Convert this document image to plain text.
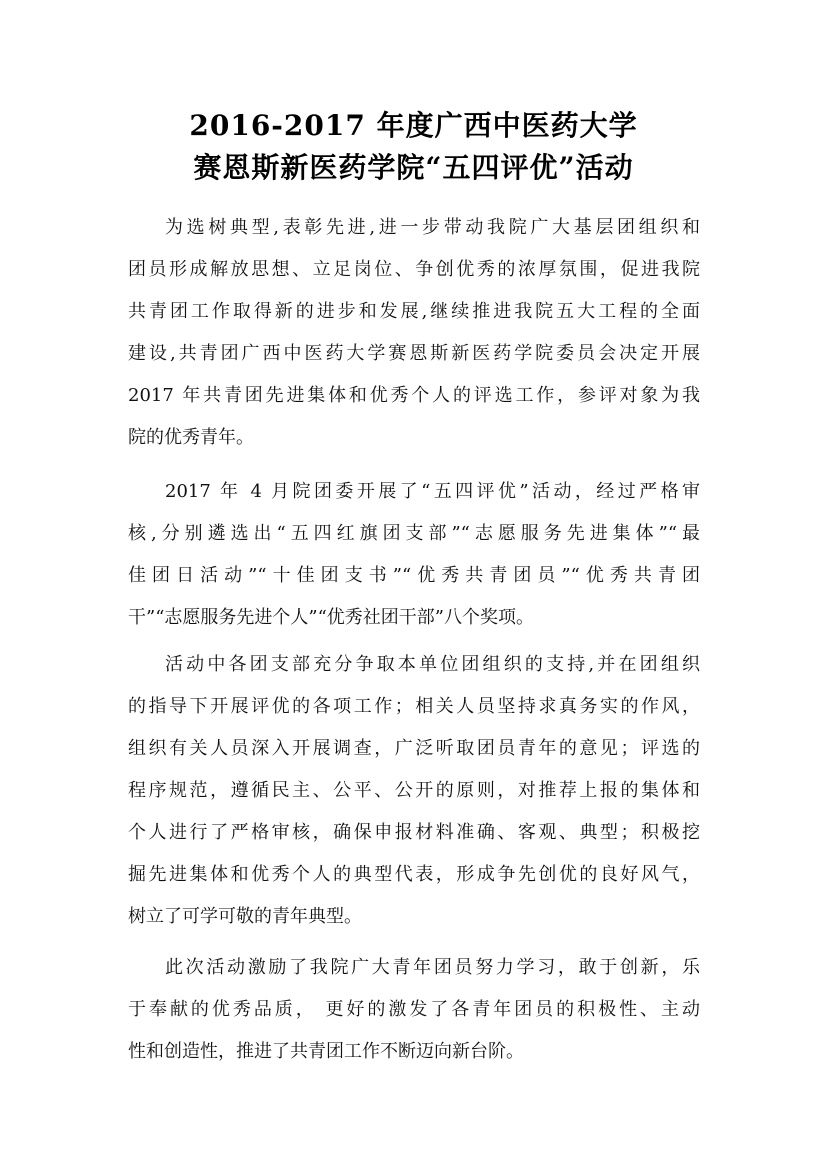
2016-2017 年度广西中医药大学
赛恩斯新医药学院“五四评优”活动
为选树典型,表彰先进,进一步带动我院广大基层团组织和
团员形成解放思想、立足岗位、争创优秀的浓厚氛围，促进我院
共青团工作取得新的进步和发展,继续推进我院五大工程的全面
建设,共青团广西中医药大学赛恩斯新医药学院委员会决定开展
2017 年共青团先进集体和优秀个人的评选工作，参评对象为我
院的优秀青年。
2017 年 4 月院团委开展了“五四评优”活动，经过严格审
核,分别遴选出“五四红旗团支部”“志愿服务先进集体”“最
佳团日活动”“十佳团支书”“优秀共青团员”“优秀共青团
干”“志愿服务先进个人”“优秀社团干部”八个奖项。
活动中各团支部充分争取本单位团组织的支持,并在团组织
的指导下开展评优的各项工作；相关人员坚持求真务实的作风，
组织有关人员深入开展调查，广泛听取团员青年的意见；评选的
程序规范，遵循民主、公平、公开的原则，对推荐上报的集体和
个人进行了严格审核，确保申报材料准确、客观、典型；积极挖
掘先进集体和优秀个人的典型代表，形成争先创优的良好风气，
树立了可学可敬的青年典型。
此次活动激励了我院广大青年团员努力学习，敢于创新，乐
于奉献的优秀品质， 更好的激发了各青年团员的积极性、主动
性和创造性，推进了共青团工作不断迈向新台阶。
